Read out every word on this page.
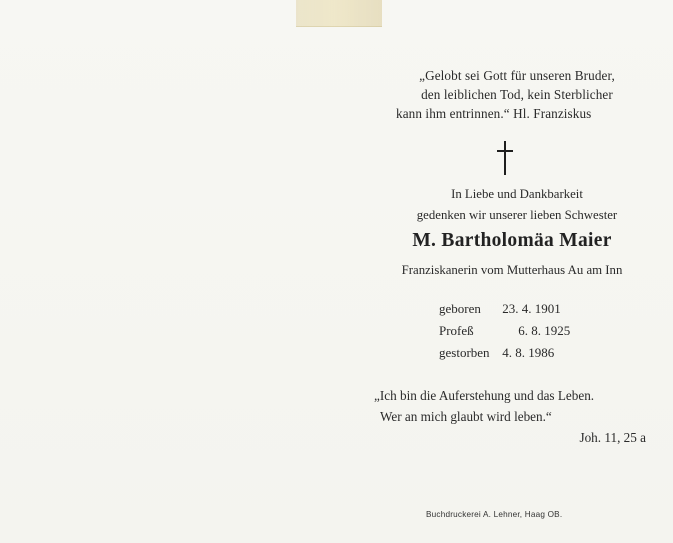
„Gelobt sei Gott für unseren Bruder,
den leiblichen Tod, kein Sterblicher
kann ihm entrinnen.“ Hl. Franziskus
In Liebe und Dankbarkeit
gedenken wir unserer lieben Schwester
M. Bartholomäa Maier
Franziskanerin vom Mutterhaus Au am Inn
geboren 23. 4. 1901
Profeß	6. 8. 1925
gestorben 4. 8. 1986
„Ich bin die Auferstehung und das Leben.
Wer an mich glaubt wird leben.“
Joh. 11, 25 a
Buchdruckerei A. Lehner, Haag OB.
